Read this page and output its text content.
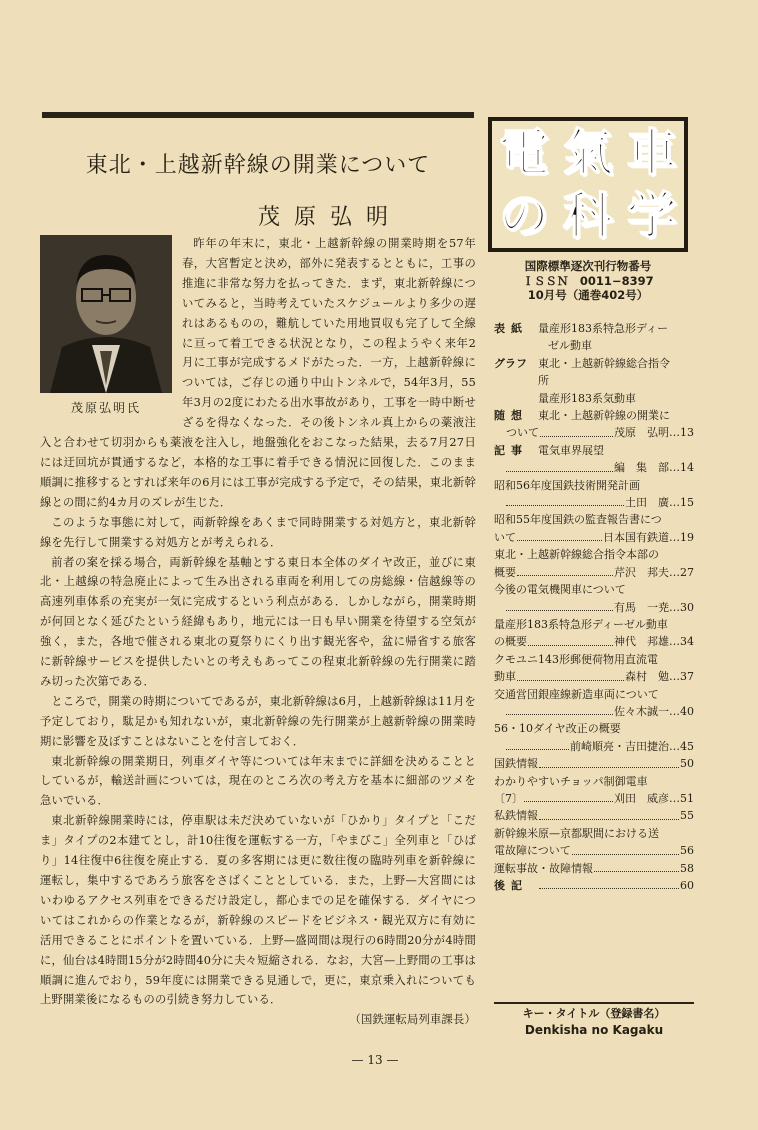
東北・上越新幹線の開業について
茂原弘明
茂原弘明氏

昨年の年末に，東北・上越新幹線の開業時期を57年春，大宮暫定と決め，部外に発表するとともに，工事の推進に非常な努力を払ってきた．まず，東北新幹線についてみると，当時考えていたスケジュールより多少の遅れはあるものの，難航していた用地買収も完了して全線に亘って着工できる状況となり，この程ようやく来年2月に工事が完成するメドがたった．一方，上越新幹線については，ご存じの通り中山トンネルで，54年3月，55年3月の2度にわたる出水事故があり，工事を一時中断せざるを得なくなった．その後トンネル真上からの薬液注入と合わせて切羽からも薬液を注入し，地盤強化をおこなった結果，去る7月27日には迂回坑が貫通するなど，本格的な工事に着手できる情況に回復した．このまま順調に推移するとすれば来年の6月には工事が完成する予定で，その結果，東北新幹線との間に約4カ月のズレが生じた．

このような事態に対して，両新幹線をあくまで同時開業する対処方と，東北新幹線を先行して開業する対処方とが考えられる．

前者の案を採る場合，両新幹線を基軸とする東日本全体のダイヤ改正，並びに東北・上越線の特急廃止によって生み出される車両を利用しての房総線・信越線等の高速列車体系の充実が一気に完成するという利点がある．しかしながら，開業時期が何回となく延びたという経緯もあり，地元には一日も早い開業を待望する空気が強く，また，各地で催される東北の夏祭りにくり出す観光客や，盆に帰省する旅客に新幹線サービスを提供したいとの考えもあってこの程東北新幹線の先行開業に踏み切った次第である．

ところで，開業の時期についてであるが，東北新幹線は6月，上越新幹線は11月を予定しており，駄足かも知れないが，東北新幹線の先行開業が上越新幹線の開業時期に影響を及ぼすことはないことを付言しておく．

東北新幹線の開業期日，列車ダイヤ等については年末までに詳細を決めることとしているが，輸送計画については，現在のところ次の考え方を基本に細部のツメを急いでいる．

東北新幹線開業時には，停車駅は未だ決めていないが「ひかり」タイプと「こだま」タイプの2本建てとし，計10往復を運転する一方，「やまびこ」全列車と「ひばり」14往復中6往復を廃止する．夏の多客期には更に数往復の臨時列車を新幹線に運転し，集中するであろう旅客をさばくこととしている．また，上野—大宮間にはいわゆるアクセス列車をできるだけ設定し，都心までの足を確保する．ダイヤについてはこれからの作業となるが，新幹線のスピードをビジネス・観光双方に有効に活用できることにポイントを置いている．上野—盛岡間は現行の6時間20分が4時間に，仙台は4時間15分が2時間40分に夫々短縮される．なお，大宮—上野間の工事は順調に進んでおり，59年度には開業できる見通しで，更に，東京乗入れについても上野開業後になるものの引続き努力している．

（国鉄運転局列車課長）

電 氣 車
の 科 学
国際標準逐次刊行物番号
ＩＳＳＮ　0011−8397
10月号（通巻402号）
表紙 量産形183系特急形ディー
ゼル動車
グラフ	東北・上越新幹線総合指令
所
量産形183系気動車
随想 東北・上越新幹線の開業に
ついて	茂原　弘明…13
記事 電気車界展望
編　集　部…14
昭和56年度国鉄技術開発計画
土田　廣…15
昭和55年度国鉄の監査報告書につ
いて	日本国有鉄道…19
東北・上越新幹線総合指令本部の
概要	芹沢　邦夫…27
今後の電気機関車について
有馬　一尭…30
量産形183系特急形ディーゼル動車
の概要	神代　邦雄…34
クモユニ143形郵便荷物用直流電
動車	森村　勉…37
交通営団銀座線新造車両について
佐々木誠一…40
56・10ダイヤ改正の概要
前崎順亮・吉田捷治…45
国鉄情報	50
わかりやすいチョッパ制御電車
〔7〕	刈田　威彦…51
私鉄情報	55
新幹線米原—京都駅間における送
電故障について	56
運転事故・故障情報	58
後記	60
キー・タイトル（登録書名）
Denkisha no Kagaku
— 13 —
